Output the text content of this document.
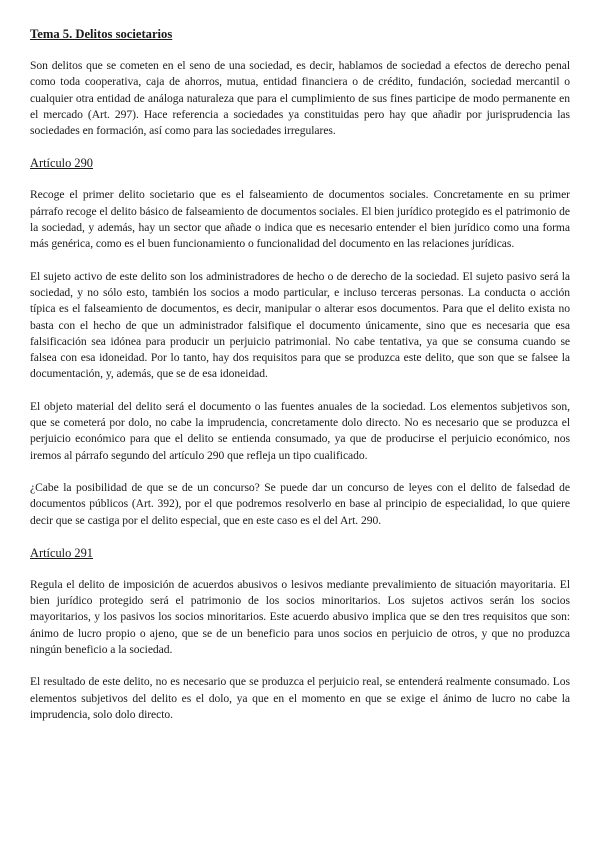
Tema 5. Delitos societarios

Son delitos que se cometen en el seno de una sociedad, es decir, hablamos de sociedad a efectos de derecho penal como toda cooperativa, caja de ahorros, mutua, entidad financiera o de crédito, fundación, sociedad mercantil o cualquier otra entidad de análoga naturaleza que para el cumplimiento de sus fines participe de modo permanente en el mercado (Art. 297). Hace referencia a sociedades ya constituidas pero hay que añadir por jurisprudencia las sociedades en formación, así como para las sociedades irregulares.

Artículo 290

Recoge el primer delito societario que es el falseamiento de documentos sociales. Concretamente en su primer párrafo recoge el delito básico de falseamiento de documentos sociales. El bien jurídico protegido es el patrimonio de la sociedad, y además, hay un sector que añade o indica que es necesario entender el bien jurídico como una forma más genérica, como es el buen funcionamiento o funcionalidad del documento en las relaciones jurídicas.

El sujeto activo de este delito son los administradores de hecho o de derecho de la sociedad. El sujeto pasivo será la sociedad, y no sólo esto, también los socios a modo particular, e incluso terceras personas. La conducta o acción típica es el falseamiento de documentos, es decir, manipular o alterar esos documentos. Para que el delito exista no basta con el hecho de que un administrador falsifique el documento únicamente, sino que es necesaria que esa falsificación sea idónea para producir un perjuicio patrimonial. No cabe tentativa, ya que se consuma cuando se falsea con esa idoneidad. Por lo tanto, hay dos requisitos para que se produzca este delito, que son que se falsee la documentación, y, además, que se de esa idoneidad.

El objeto material del delito será el documento o las fuentes anuales de la sociedad. Los elementos subjetivos son, que se cometerá por dolo, no cabe la imprudencia, concretamente dolo directo. No es necesario que se produzca el perjuicio económico para que el delito se entienda consumado, ya que de producirse el perjuicio económico, nos iremos al párrafo segundo del artículo 290 que refleja un tipo cualificado.

¿Cabe la posibilidad de que se de un concurso? Se puede dar un concurso de leyes con el delito de falsedad de documentos públicos (Art. 392), por el que podremos resolverlo en base al principio de especialidad, lo que quiere decir que se castiga por el delito especial, que en este caso es el del Art. 290.

Artículo 291

Regula el delito de imposición de acuerdos abusivos o lesivos mediante prevalimiento de situación mayoritaria. El bien jurídico protegido será el patrimonio de los socios minoritarios. Los sujetos activos serán los socios mayoritarios, y los pasivos los socios minoritarios. Este acuerdo abusivo implica que se den tres requisitos que son: ánimo de lucro propio o ajeno, que se de un beneficio para unos socios en perjuicio de otros, y que no produzca ningún beneficio a la sociedad.

El resultado de este delito, no es necesario que se produzca el perjuicio real, se entenderá realmente consumado. Los elementos subjetivos del delito es el dolo, ya que en el momento en que se exige el ánimo de lucro no cabe la imprudencia, solo dolo directo.
